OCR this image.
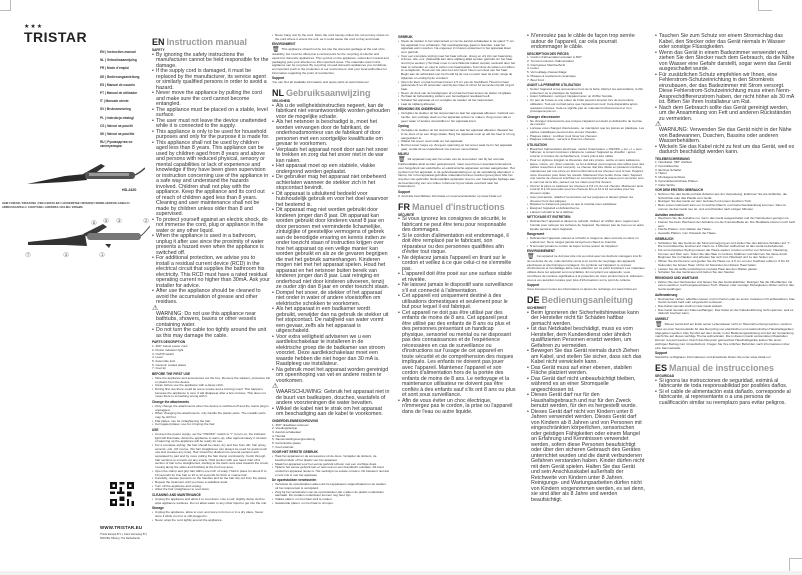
★★★
TRISTAR
EN | Instruction manual
NL | Gebruiksaanwijzing
FR | Mode d'emploi
DE | Bedienungsanleitung
ES | Manual de usuario
PT | Manual de utilizador
IT | Manuale utente
SV | Bruksanvisning
PL | Instrukcja obsługi
CS | Návod na použití
SK | Návod na použitie
RU | Руководство по эксплуатации
HD-2420
HAIR CURLER / KRULTANG / FER A BOUCLER / LOCKENSTAB / RIZADOR / MODELADOR DE CABELO / ARRICCIACAPELLI / LOCKTÅNG / LOKÓWKA / KULMA / КУЛЬМА
6 5	3	2
7	4	1
WWW.TRISTAR.EU
Tristar Europe B.V. | Jules Verneweg 87 | 5015 BH Tilburg | The Netherlands
EN Instruction manual
SAFETY
• By ignoring the safety instructions the manufacturer cannot be held responsible for the damage.
• If the supply cord is damaged, it must be replaced by the manufacturer, its service agent or similarly qualified persons in order to avoid a hazard.
• Never move the appliance by pulling the cord and make sure the cord cannot become entangled.
• The appliance must be placed on a stable, level surface.
• The user must not leave the device unattended while it is connected to the supply.
• This appliance is only to be used for household purposes and only for the purpose it is made for.
• This appliance shall not be used by children aged less than 8 years. This appliance can be used by children aged from 8 years and above and persons with reduced physical, sensory or mental capabilities or lack of experience and knowledge if they have been given supervision or instruction concerning use of the appliance in a safe way and understand the hazards involved. Children shall not play with the appliance. Keep the appliance and its cord out of reach of children aged less than 8 years. Cleaning and user maintenance shall not be made by children unless older than 8 and supervised.
• To protect yourself against an electric shock, do not immerse the cord, plug or appliance in the water or any other liquid.
• When the appliance is used in a bathroom, unplug it after use since the proximity of water presents a hazard even when the appliance is switched off.
• For additional protection, we advise you to install a residual current device (RCD) in the electrical circuit that supplies the bathroom his electricity. This RCD must have a rated residual operating current no higher than 30mA. Ask your installer for advice.
• After use the appliance should be cleaned to avoid the accumulation of grease and other residues.
⚠
WARNING: Do not use this appliance near bathtubs, showers, basins or other vessels containing water.
• Do not turn the cable too tightly around the unit as this may damage the cable.
PARTS DESCRIPTION
1. 360° swivel power cord
2. Power indicator light
3. On/Off switch
4. Lever
5. Assemble lock
6. Ceramic coated plates
7. Cool tip
BEFORE THE FIRST USE
• Take the appliance and accessories out the box. Remove the stickers, protective foil or plastic from the device.
• Clean before use the appliance with a damp cloth.
• During first use there could be some smoke and a burning smell. This happens because the appliance is new. It will disappear after a few minutes. This does not mean there is something wrong with it.
Change the attachments
• Only change the attachments when the device is switched off and the mains plug is unplugged.
• When changing the attachments, only handle the plastic parts. The metallic parts may be still hot.
• Flat plates: use for straightening the hair.
• Corrugated plates: use for crimping the hair.
USE
• Connect the power supply, set the "ON/OFF" switch to "I" to turn on, the indicator light will illuminate. Allow the appliance to warm-up, after approximately 2 minutes of warming up the appliance will be ready for use.
• For a complete styling, the hair should be clean, dry and free from dirt, hair spray, ceramic, oils. (Of course, this hair straightener can always be used for quick touch ups and creases any time). Hair should be divided into several sections and separated by part and by more pulling the hair clamp consistently. Comb through hair sections to smooth out any snarls. Hold section with one hand. Part off a section of hair to be straightened, starting at the back neck area towards the crown, moving along the sides and finishing at the front top area.
• Open the clamp and grip hair within one inch of scalp. Hold in place for about 8 to 10 seconds for fine hair or 10 to 12 seconds for thick or coarse hair.
• Carefully, release pressure on the handles and let the hair slip out from the plates.
• Repeat the treatment until you have a satisfied result.
• Turn off the appliance and unplug.
• Allow the hair straightener to cool down.
CLEANING AND MAINTENANCE
• Unplug the appliance and allow it to cool down. Use a soft, slightly damp cloth to wipe appliance surfaces. Do not allow water or any other liquid to get into the unit.
Storage
• Unplug the appliance, allow to cool, and store in its box or in a dry place. Never store it while it is hot or still plugged in.
• Never wrap the cord tightly around the appliance.
• Never hang unit by the cord. Store the cord loosely coiled. Do not put any stress on the cord where it enters the unit, as it could cause the cord to fray and break.
ENVIRONMENT
🗑 This appliance should not be put into the domestic garbage at the end of its durability, but must be offered at a central point for the recycling of electric and electronic domestic appliances. This symbol on the appliance, instruction manual and packaging puts your attention to this important issue. The materials used in this appliance can be recycled. By recycling of used domestic appliances you contribute an important push to the protection of our environment. Ask your local authorities for information regarding the point of recollection.
Support
You can find all available information and spare parts at www.tristar.eu!
NL Gebruiksaanwijzing
VEILIGHEID
• Als u de veiligheidsinstructies negeert, kan de fabrikant niet verantwoordelijk worden gehouden voor de mogelijke schade.
• Als het netsnoer is beschadigd is, moet het worden vervangen door de fabrikant, de onderhoudsmonteur van de fabrikant of door personen met een soortgelijke kwalificatie om gevaar te voorkomen.
• Verplaats het apparaat nooit door aan het snoer te trekken en zorg dat het snoer niet in de war kan raken.
• Het apparaat moet op een stabiele, vlakke ondergrond worden geplaatst.
• De gebruiker mag het apparaat niet onbeheerd achterlaten wanneer de stekker zich in het stopcontact bevindt.
• Dit apparaat is uitsluitend bedoeld voor huishoudelijk gebruik en voor het doel waarvoor het bestemd is.
• Dit apparaat mag niet worden gebruikt door kinderen jonger dan 8 jaar. Dit apparaat kan worden gebruikt door kinderen vanaf 8 jaar en door personen met verminderde lichamelijke, zintuiglijke of geestelijke vermogens of gebrek aan de benodigde ervaring en kennis indien ze onder toezicht staan of instructies krijgen over hoe het apparaat op een veilige manier kan worden gebruikt en als ze de gevaren begrijpen die met het gebruik samenhangen. Kinderen mogen niet met het apparaat spelen. Houd het apparaat en het netsnoer buiten bereik van kinderen jonger dan 8 jaar. Laat reiniging en onderhoud niet door kinderen uitvoeren, tenzij ze ouder zijn dan 8 jaar en onder toezicht staan.
• Dompel het snoer, de stekker of het apparaat niet onder in water of andere vloeistoffen om elektrische schokken te voorkomen.
• Als het apparaat in een badkamer wordt gebruikt, verwijder dan na gebruik de stekker uit het stopcontact. De nabijheid van water vormt een gevaar, zelfs als het apparaat is uitgeschakeld.
• Voor extra veiligheid adviseren we u een aardlekschakelaar te installeren in de elektrische groep die de badkamer van stroom voorziet. Deze aardlekschakelaar moet een waarde hebben die niet hoger dan 30 mA is. Raadpleeg uw installateur.
• Na gebruik moet het apparaat worden gereinigd om opeenhoping van vet en andere resten te voorkomen.
⚠
WAARSCHUWING: Gebruik het apparaat niet in de buurt van badkuipen, douches, wastafels of andere voorzieningen die water bevatten.
• Wikkel de kabel niet te strak om het apparaat om beschadiging aan de kabel te voorkomen.
ONDERDELENBESCHRIJVING
1. 360° draaibaar netsnoer
2. Voedingslampje
3. Aan/uit-schakelaar
4. Hendel
5. Samenstellingsvergrendeling
6. Keramische platen
7. Koel uiteinde
VOOR HET EERSTE GEBRUIK
• Haal het apparaat en de accessoires uit de doos. Verwijder de stickers, de beschermfolie of het plastic van het apparaat.
• Maak het apparaat voor het eerste gebruik schoon met een vochtige doek.
• Tijdens het eerste gebruik kan er wat rook en een brandlucht ontstaan. Dit komt omdat het apparaat nieuw is. Het verdwijnt na enkele minuten. Dit betekent niet dat er iets mis is met het apparaat.
De opzetstukken verwisselen
• Verwissel de opzetstukken alleen als het apparaat is uitgeschakeld en de stekker uit het stopcontact is verwijderd.
• Zorg bij het verwisselen van de opzetstukken dat u alleen de plastic onderdelen aanraakt. De metalen onderdelen kunnen nog heet zijn.
• Vlakke platen: om het haar steil te maken.
• Gekartelde platen: om het haar te crimpen.
GEBRUIK
• Steek de stekker in het stopcontact en zet de aan/uit-schakelaar in de stand "I" om het apparaat in te schakelen. Het voedingslampje gaat nu branden. Laat het apparaat warm worden. Na ongeveer 2 minuten opwarmen is het apparaat klaar voor gebruik.
• Voor een complete styling moet het haar schoon, droog en vrij zijn van haarspray, crèmes, olie, enz. (Natuurlijk kan deze stijltang altijd worden gebruikt om het haar snel bij te werken.) Het haar moet in verschillende lokken worden verdeeld door het haar te scheiden en vast te zetten met haarspelden. Kam door de lokken om klitten te verwijderen. Houd één lok vast met één hand. Neem een deel van het haar. Begin aan de achterkant van het hoofd bij de nek en werk naar de kruin, langs de zijkanten en eindig bij de voorkant.
• Open de klem en pak het haar binnen 2,5 cm van de hoofdhuid. Houd het haar gedurende 8 tot 10 seconden vast bij dun haar of 10 tot 12 seconden bij dik of grof haar.
• Neem de druk van de handgrepen af en laat het haar tussen de platen uit glijden.
• Herhaal de behandeling totdat u een bevredigend resultaat heeft.
• Schakel het apparaat uit en verwijder de stekker uit het stopcontact.
• Laat de stijltang afkoelen.
REINIGING EN ONDERHOUD
• Verwijder de stekker uit het stopcontact en laat het apparaat afkoelen. Gebruik een zachte, iets vochtige doek om het apparaat schoon te maken. Zorg ervoor dat er geen water of andere vloeistoffen in het apparaat komt.
Opslag
• Verwijder de stekker uit het stopcontact en laat het apparaat afkoelen. Bewaar het in de doos of op een droge plaats. Berg het apparaat nooit op als het heet is of nog aangesloten is.
• Wikkel het snoer nooit strak om het apparaat.
• Rol het snoer losjes op. Zet geen spanning op het snoer waar het in het apparaat gaat, omdat dit een kabelbreuk zou kunnen veroorzaken.
MILIEU
🗑 Dit apparaat mag aan het einde van de levensduur niet bij het normale huishoudelijke afval worden gedeponeerd, maar moet bij een speciaal inzamelpunt voor hergebruik van elektrische en elektronische apparaten worden aangeboden. Het symbool op het apparaat, in de gebruiksaanwijzing en op de verpakking attendeert u hierop. De in het apparaat gebruikte materialen kunnen worden gerecycled. Met het recyclen van gebruikte huishoudelijke apparaten levert u een belangrijke bijdrage aan de bescherming van ons milieu. Informeer bij uw lokale overheid naar het inzamelpunt.
Support
U vindt alle beschikbare informatie en reserveonderdelen op www.tristar.eu!
FR Manuel d'instructions
SÉCURITÉ
• Si vous ignorez les consignes de sécurité, le fabricant ne peut être tenu pour responsable des dommages.
• Si le cordon d'alimentation est endommagé, il doit être remplacé par le fabricant, son réparateur ou des personnes qualifiées afin d'éviter tout risque.
• Ne déplacez jamais l'appareil en tirant sur le cordon et veillez à ce que celui-ci ne s'emmêle pas.
• L'appareil doit être posé sur une surface stable et nivelée.
• Ne laissez jamais le dispositif sans surveillance s'il est connecté à l'alimentation.
• Cet appareil est uniquement destiné à des utilisations domestiques et seulement pour le but pour lequel il est fabriqué.
• Cet appareil ne doit pas être utilisé par des enfants de moins de 8 ans. Cet appareil peut être utilisé par des enfants de 8 ans ou plus et des personnes présentant un handicap physique, sensoriel ou mental ou ne disposant pas des connaissances et de l'expérience nécessaires en cas de surveillance ou d'instructions sur l'usage de cet appareil en toute sécurité et de compréhension des risques impliqués. Les enfants ne doivent pas jouer avec l'appareil. Maintenez l'appareil et son cordon d'alimentation hors de la portée des enfants de moins de 8 ans. Le nettoyage et la maintenance utilisateur ne doivent pas être confiés à des enfants sauf s'ils ont 8 ans ou plus et sont sous surveillance.
• Afin de vous éviter un choc électrique, n'immergez pas le cordon, la prise ou l'appareil dans de l'eau ou autre liquide.
• N'enroulez pas le câble de façon trop serrée autour de l'appareil, car cela pourrait endommager le câble.
DESCRIPTION DES PIÈCES
1. Cordon d'alimentation pivotant à 360°
2. Témoin lumineux d'alimentation
3. Interrupteur Marche/Arrêt
4. Levier
5. Verrouillage d'assemblage
6. Plaques à revêtement céramique
7. Bout froid
AVANT LA PREMIÈRE UTILISATION
• Sortez l'appareil et les accessoires hors de la boîte. Retirez les autocollants, le film protecteur ou le plastique de l'appareil.
• Avant l'utilisation, nettoyez l'appareil avec un chiffon humide.
• Un peu de fumée et une odeur de brûlé peuvent émaner lors de la première utilisation. Tout est normal parce que l'appareil est neuf. Cela disparaîtra après quelques minutes. Cela ne signifie pas un mauvais fonctionnement et n'en provoquera pas un.
Changer d'accessoire
• Ne changez d'accessoire que lorsque l'appareil est éteint et débranché de la prise de courant.
• Lorsque vous changez d'accessoire, ne manipulez que les pièces en plastique. Les parties métalliques peuvent être encore chaudes.
• Plaques plates : à utiliser pour lisser les cheveux.
• Plaques ondulées : servent à friser les cheveux.
UTILISATION
• Branchez l'alimentation électrique, mettez l'interrupteur « ON/OFF » sur « I » pour l'allumer, le témoin lumineux s'allumera. Laissez l'appareil se chauffer ; après environ 2 minutes de réchauffement, il sera prêt à être utilisé.
• Pour un stylisme intégral, la chevelure doit être propre, sèche et sans salissures, laque, crème, etc. (bien entendu, ce fer à défriser peut toujours être utilisé pour des petites retouches à tout moment). Le cheveu doit être divisé en plusieurs mèches, maintenues par une pince en tirant uniformément les cheveux vers le bas. Peignez votre chevelure pour lisser les nœuds. Maintenez bien tendu d'une main. Séparez une mèche de cheveux à défriser en commençant par la nuque pour remonter vers le sommet de la tête, passez sur les côtés pour finir devant.
• Ouvrez la pince et saisissez les cheveux à 2,5 cm du cuir chevelu. Maintenez ainsi environ 8 à 10 secondes pour les cheveux fins et 10 à 12 secondes pour les cheveux épais.
• Avec précaution, relâchez la pression sur les poignées et laissez glisser les cheveux hors des plaques.
• Répétez le traitement jusqu'à ce que le résultat vous satisfasse.
• Éteignez l'appareil et débranchez-le.
• Laissez refroidir le fer à défriser.
NETTOYAGE ET ENTRETIEN
• Débranchez l'appareil et laissez-le refroidir. Utilisez un chiffon doux, légèrement humide pour nettoyer les surfaces de l'appareil. Ne laissez pas de l'eau ou un autre liquide pénétrer dans l'appareil.
Rangement
• Débranchez l'appareil, laissez-le refroidir et rangez-le dans sa boîte ou dans un endroit sec. Ne le rangez jamais lorsqu'il est chaud ou branché.
• N'enroulez jamais le cordon de façon serrée autour de l'appareil.
ENVIRONNEMENT
🗑 Cet appareil ne doit pas être mis au rebut avec les déchets ménagers à la fin de sa durée de vie, mais doit être remis à un centre de recyclage des appareils électriques et électroniques ménagers. Ce symbole sur l'appareil, le manuel d'instructions et l'emballage attire votre attention sur ce point important. Les matériaux utilisés dans cet appareil sont recyclables. En recyclant vos appareils, vous contribuez de manière significative à la protection de notre environnement. Adressez-vous à vos autorités locales pour plus d'informations sur le point de collecte.
Support
Vous trouverez toutes les informations et pièces de rechange sur www.tristar.eu!
DE Bedienungsanleitung
SICHERHEIT
• Beim Ignorieren der Sicherheitshinweise kann der Hersteller nicht für Schäden haftbar gemacht werden.
• Ist das Netzkabel beschädigt, muss es vom Hersteller, dem Kundendienst oder ähnlich qualifizierten Personen ersetzt werden, um Gefahren zu vermeiden.
• Bewegen Sie das Gerät niemals durch Ziehen am Kabel, und stellen Sie sicher, dass sich das Kabel nicht verwickeln kann.
• Das Gerät muss auf einer ebenen, stabilen Fläche platziert werden.
• Das Gerät darf nicht unbeaufsichtigt bleiben, während es an einer Stromquelle angeschlossen ist.
• Dieses Gerät darf nur für den Haushaltsgebrauch und nur für den Zweck benutzt werden, für den es hergestellt wurde.
• Dieses Gerät darf nicht von Kindern unter 8 Jahren verwendet werden. Dieses Gerät darf von Kindern ab 8 Jahren und von Personen mit eingeschränkten körperlichen, sensorischen oder geistigen Fähigkeiten oder einem Mangel an Erfahrung und Kenntnissen verwendet werden, sofern diese Personen beaufsichtigt oder über den sicheren Gebrauch des Gerätes unterrichtet wurden und die damit verbundenen Gefahren verstanden haben. Kinder dürfen nicht mit dem Gerät spielen. Halten Sie das Gerät und sein Anschlusskabel außerhalb der Reichweite von Kindern unter 8 Jahren. Reinigungs- und Wartungsarbeiten dürfen nicht von Kindern vorgenommen werden, es sei denn, sie sind älter als 8 Jahre und werden beaufsichtigt.
• Tauchen Sie zum Schutz vor einem Stromschlag das Kabel, den Stecker oder das Gerät niemals in Wasser oder sonstige Flüssigkeiten.
• Wenn das Gerät in einem Badezimmer verwendet wird, ziehen Sie den Stecker nach dem Gebrauch, da die Nähe von Wasser eine Gefahr darstellt, sogar wenn das Gerät ausgeschaltet wurde.
• Für zusätzlichen Schutz empfehlen wir Ihnen, eine Fehlerstrom-Schutzeinrichtung in den Stromkreis einzubauen, der das Badezimmer mit Strom versorgt. Diese Fehlerstrom-Schutzeinrichtung muss einen Nenn-Ansprechdifferenzstrom haben, der nicht höher als 30 mA ist. Bitten Sie Ihren Installateur um Rat.
• Nach dem Gebrauch sollte das Gerät gereinigt werden, um die Ansammlung von Fett und anderen Rückständen zu vermeiden.
⚠
WARNUNG: Verwenden Sie das Gerät nicht in der Nähe von Badewannen, Duschen, Bassins oder anderen Wasserbehältern.
• Wickeln Sie das Kabel nicht zu fest um das Gerät, weil es dadurch beschädigt werden kann.
TEILEBESCHREIBUNG
1. Netzkabel, 360° drehbar
2. Kontrollleuchte
3. Ein/Aus-Schalter
4. Hebel
5. Montageverschluss
6. Keramikbeschichtete Platten
7. Kalte Spitze
VOR DEM ERSTEN GEBRAUCH
• Nehmen Sie das Gerät und das Zubehör aus der Verpackung. Entfernen Sie die Aufkleber, die Schutzfolie oder das Plastik vom Gerät.
• Reinigen Sie das Gerät vor dem Gebrauch mit einem feuchten Tuch.
• Beim ersten Gebrauch kann es zu leichter Rauch- und Geruchsentwicklung kommen. Dies ist normal, da das Gerät neu ist, und verschwindet nach einigen Minuten.
Aufsätze wechseln
• Wechseln Sie die Aufsätze nur, wenn das Gerät ausgeschaltet und der Netzstecker gezogen ist.
• Fassen Sie beim Wechseln der Aufsätze nur die Kunststoffteile an. Die Metallteile können noch heiß sein.
• Flache Platten: zum Glätten der Haare.
• Gewellte Platten: zum Kräuseln der Haare.
GEBRAUCH
• Schließen Sie das Gerät an die Stromversorgung an und stellen Sie den Ein/Aus-Schalter auf "I". Die Kontrollleuchte leuchtet auf. Nach ca. 2 Minuten Aufheizzeit ist das Gerät betriebsbereit.
• Für ein komplettes Styling müssen die Haare sauber, trocken und frei von Schmutz, Haarspray, Cremes und Ölen sein. Teilen Sie das Haar in mehrere Strähnen und kämmen Sie diese durch. Beginnen Sie im Nacken und arbeiten Sie sich zum Oberkopf und zu den Seiten vor.
• Öffnen Sie die Klemme und greifen Sie die Haare ca. 2,5 cm von der Kopfhaut entfernt. 8 bis 10 Sekunden bei feinem Haar, 10 bis 12 Sekunden bei dickem Haar halten.
• Lassen Sie die Griffe vorsichtig los und das Haar aus den Platten gleiten.
• Schalten Sie das Gerät aus und ziehen Sie den Stecker.
REINIGUNG UND WARTUNG
• Ziehen Sie den Netzstecker und lassen Sie das Gerät abkühlen. Reinigen Sie die Oberflächen mit einem weichen, leicht angefeuchteten Tuch. Wasser oder sonstige Flüssigkeiten dürfen nicht in das Gerät eindringen.
Aufbewahrung
• Netzstecker ziehen, abkühlen lassen und im Karton oder an einem trockenen Ort aufbewahren. Das Gerät niemals heiß oder eingesteckt verstauen.
• Das Kabel niemals straff um das Gerät wickeln.
• Das Gerät niemals am Kabel aufhängen. Das Kabel an der Kabeleinführung nicht spannen, weil es dadurch brechen kann.
UMWELT
🗑 Dieses Gerät darf am Ende seiner Lebensdauer nicht im Hausmüll entsorgt werden, sondern muss an einer Sammelstelle für das Recycling von elektrischen und elektronischen Haushaltsgeräten abgegeben werden. Das Symbol auf dem Gerät, in der Bedienungsanleitung und auf der Verpackung macht Sie auf dieses wichtige Thema aufmerksam. Die in diesem Gerät verwendeten Materialien können recycelt werden. Durch das Recyceln gebrauchter Haushaltsgeräte leisten Sie einen wichtigen Beitrag zum Umweltschutz. Fragen Sie Ihre örtlichen Behörden nach Informationen über eine Sammelstelle.
Support
Sämtliche verfügbaren Informationen und Ersatzteile finden Sie unter www.tristar.eu!
ES Manual de instrucciones
SEGURIDAD
• Si ignora las instrucciones de seguridad, eximirá al fabricante de toda responsabilidad por posibles daños.
• Si el cable de alimentación está dañado, corresponde al fabricante, al representante o a una persona de cualificación similar su reemplazo para evitar peligros.
